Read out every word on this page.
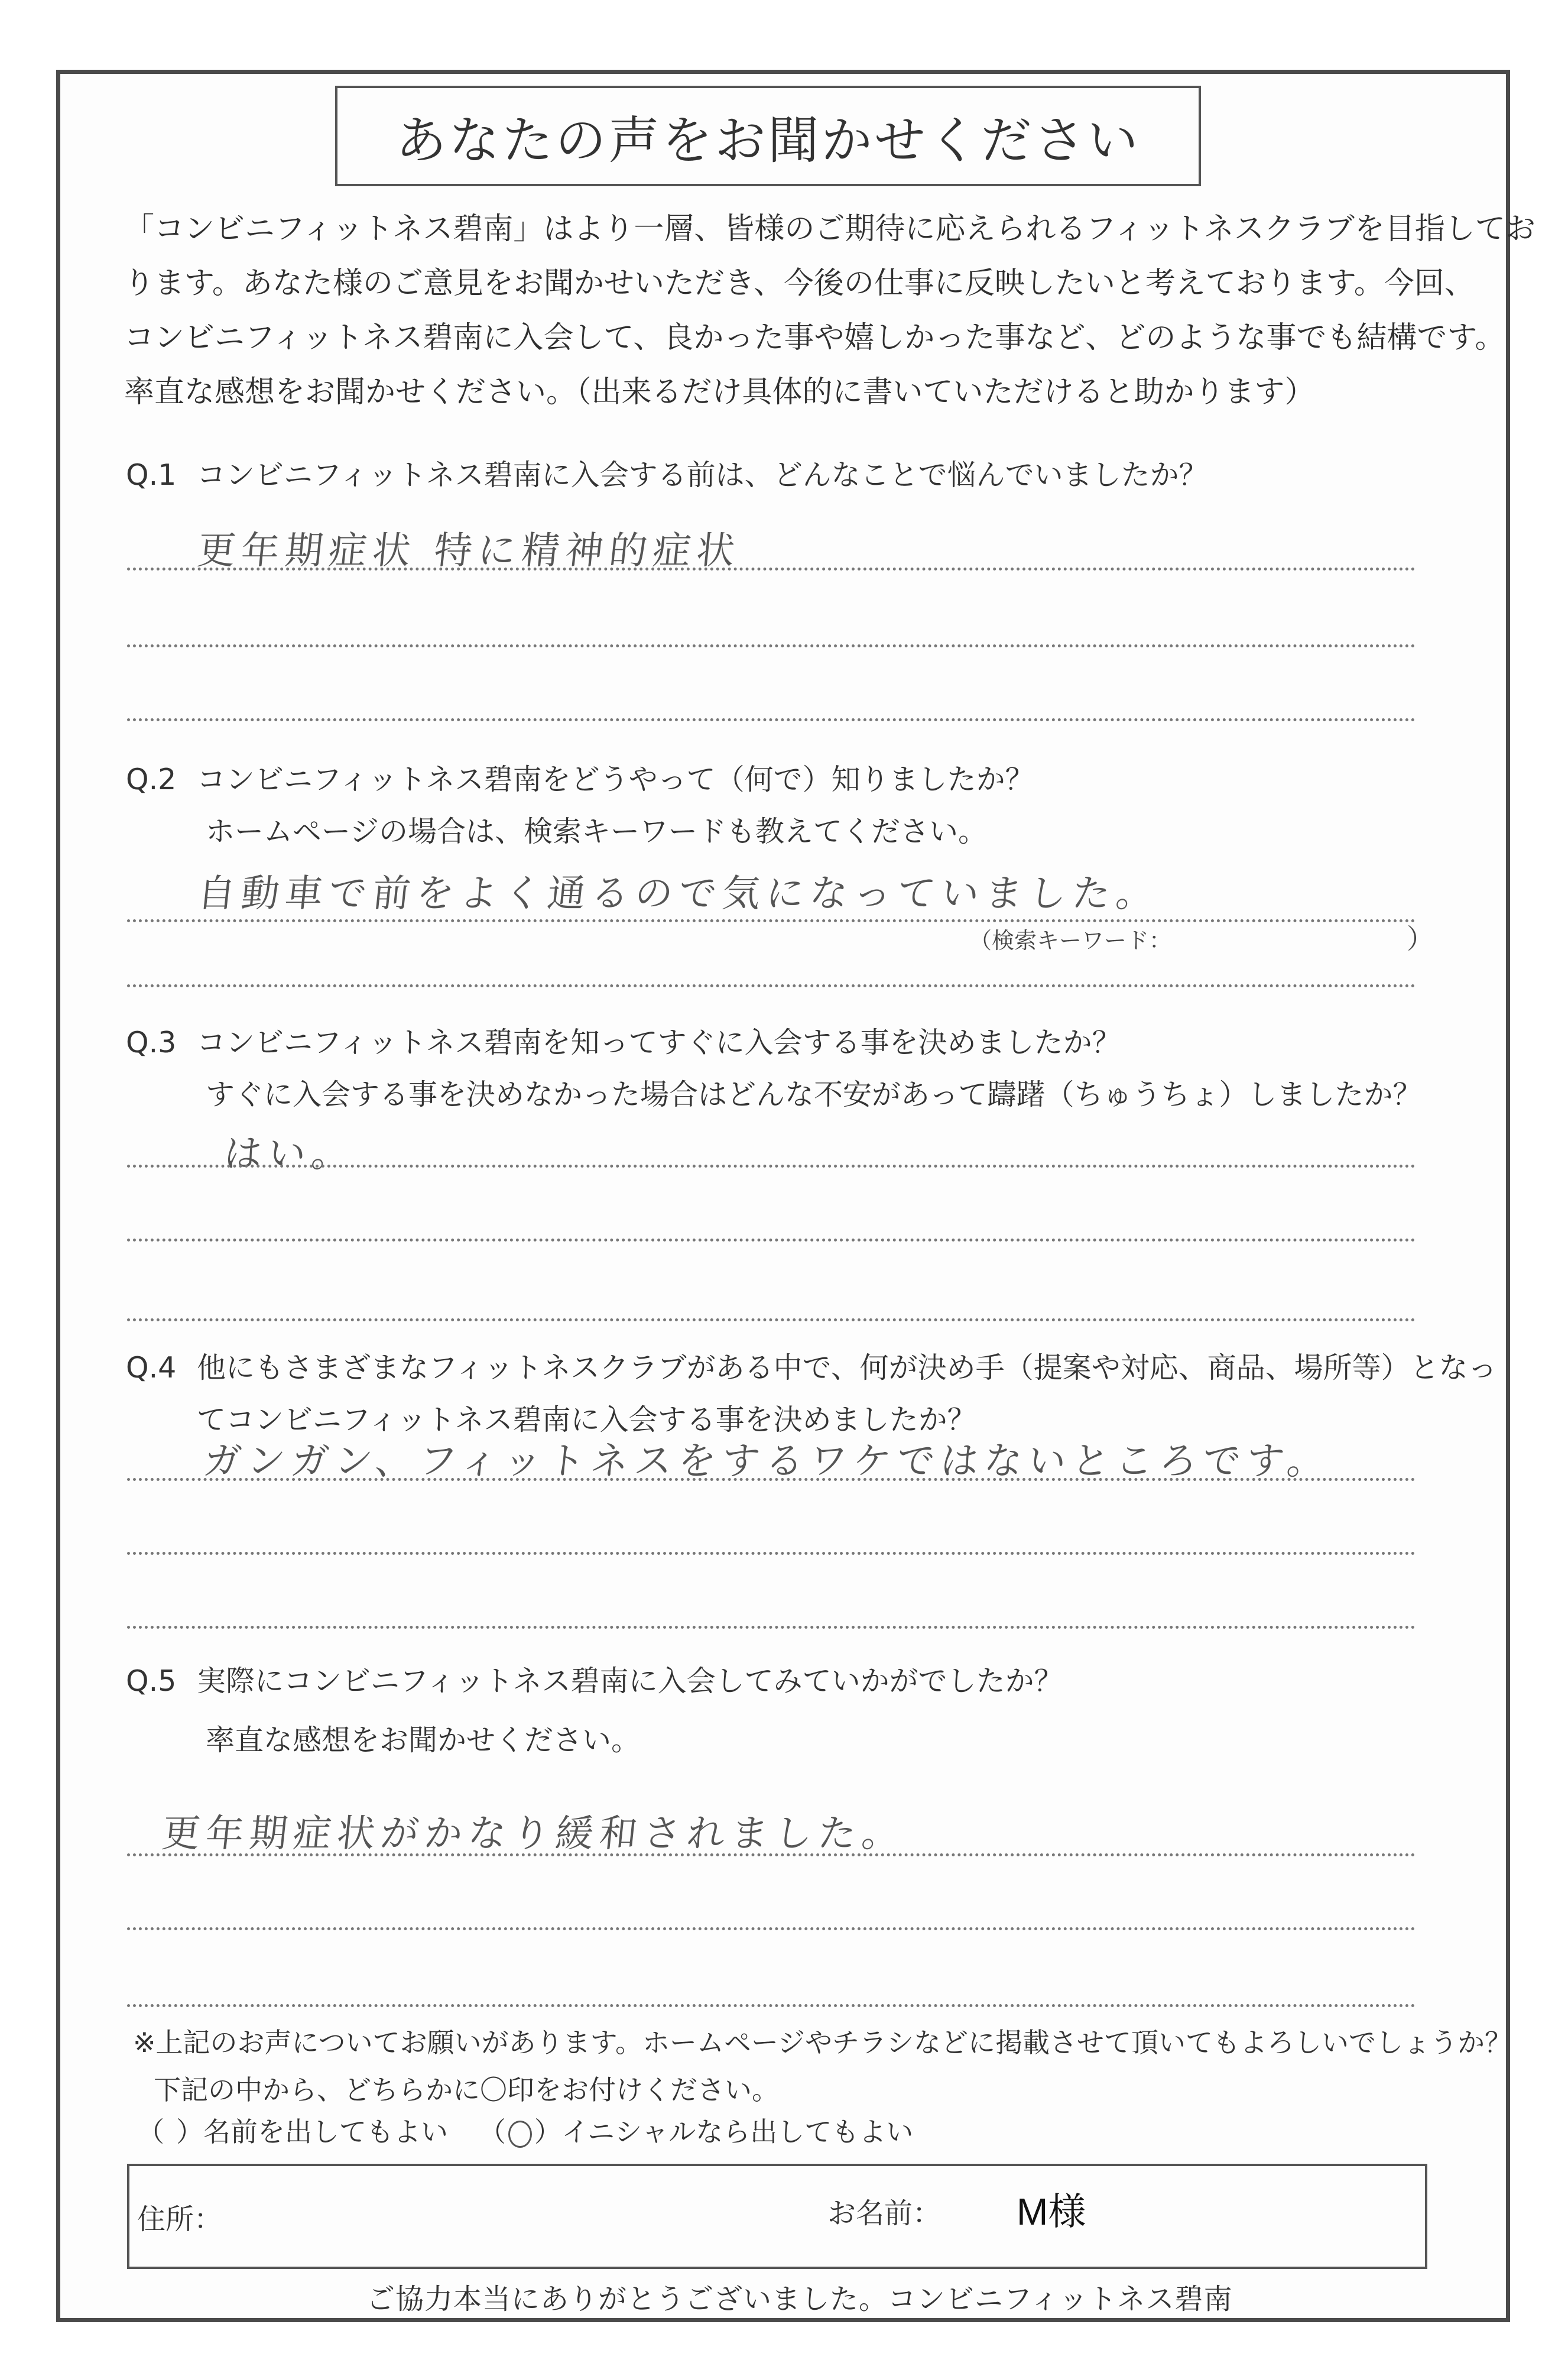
あなたの声をお聞かせください

「コンビニフィットネス碧南」はより一層、皆様のご期待に応えられるフィットネスクラブを目指してお

ります。あなた様のご意見をお聞かせいただき、今後の仕事に反映したいと考えております。今回、

コンビニフィットネス碧南に入会して、良かった事や嬉しかった事など、どのような事でも結構です。

率直な感想をお聞かせください。（出来るだけ具体的に書いていただけると助かります）

Q.1 コンビニフィットネス碧南に入会する前は、どんなことで悩んでいましたか？
更年期症状 特に精神的症状
Q.2 コンビニフィットネス碧南をどうやって（何で）知りましたか？
ホームページの場合は、検索キーワードも教えてください。
自動車で前をよく通るので気になっていました。
（検索キーワード：	）
Q.3 コンビニフィットネス碧南を知ってすぐに入会する事を決めましたか？
すぐに入会する事を決めなかった場合はどんな不安があって躊躇（ちゅうちょ）しましたか？
はい。
Q.4 他にもさまざまなフィットネスクラブがある中で、何が決め手（提案や対応、商品、場所等）となっ
てコンビニフィットネス碧南に入会する事を決めましたか？
ガンガン、フィットネスをするワケではないところです。
Q.5 実際にコンビニフィットネス碧南に入会してみていかがでしたか？
率直な感想をお聞かせください。
更年期症状がかなり緩和されました。
※上記のお声についてお願いがあります。ホームページやチラシなどに掲載させて頂いてもよろしいでしょうか？
下記の中から、どちらかに〇印をお付けください。
（ ）名前を出してもよい （ ○ ）イニシャルなら出してもよい
住所：	お名前： M様
ご協力本当にありがとうございました。コンビニフィットネス碧南
